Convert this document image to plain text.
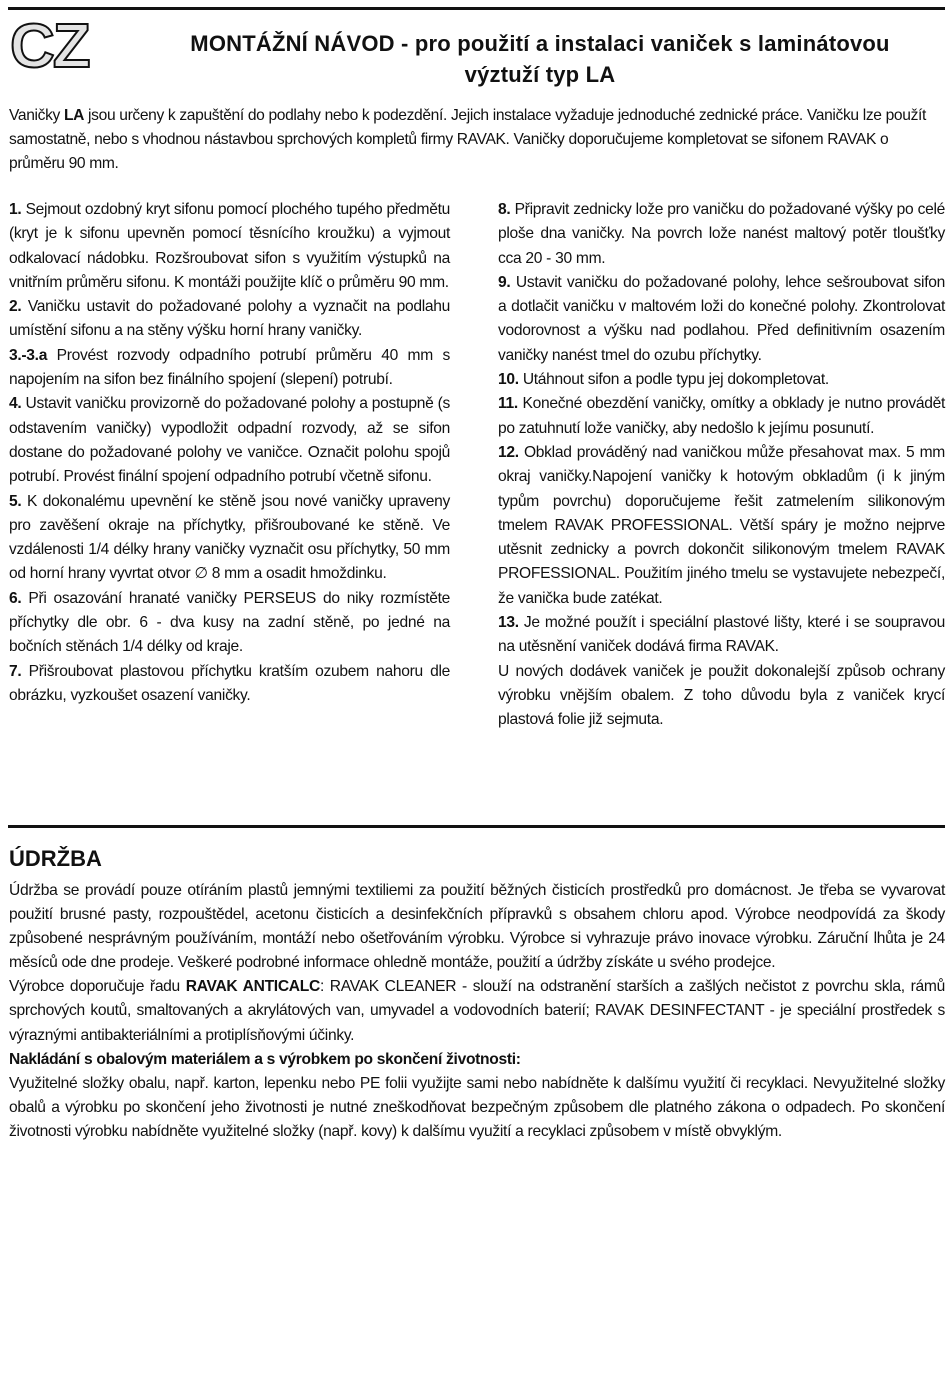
CZ	MONTÁŽNÍ NÁVOD - pro použití a instalaci vaniček s laminátovou
výztuží typ LA
Vaničky LA jsou určeny k zapuštění do podlahy nebo k podezdění. Jejich instalace vyžaduje jednoduché zednické práce. Vaničku lze použít samostatně, nebo s vhodnou nástavbou sprchových kompletů firmy RAVAK. Vaničky doporučujeme kompletovat se sifonem RAVAK o průměru 90 mm.

1. Sejmout ozdobný kryt sifonu pomocí plochého tupého předmětu (kryt je k sifonu upevněn pomocí těsnícího kroužku) a vyjmout odkalovací nádobku. Rozšroubovat sifon s využitím výstupků na vnitřním průměru sifonu. K montáži použijte klíč o průměru 90 mm.

2. Vaničku ustavit do požadované polohy a vyznačit na podlahu umístění sifonu a na stěny výšku horní hrany vaničky.

3.-3.a Provést rozvody odpadního potrubí průměru 40 mm s napojením na sifon bez finálního spojení (slepení) potrubí.

4. Ustavit vaničku provizorně do požadované polohy a postupně (s odstavením vaničky) vypodložit odpadní rozvody, až se sifon dostane do požadované polohy ve vaničce. Označit polohu spojů potrubí. Provést finální spojení odpadního potrubí včetně sifonu.

5. K dokonalému upevnění ke stěně jsou nové vaničky upraveny pro zavěšení okraje na příchytky, přišroubované ke stěně. Ve vzdálenosti 1/4 délky hrany vaničky vyznačit osu příchytky, 50 mm od horní hrany vyvrtat otvor ∅ 8 mm a osadit hmoždinku.

6. Při osazování hranaté vaničky PERSEUS do niky rozmístěte příchytky dle obr. 6 - dva kusy na zadní stěně, po jedné na bočních stěnách 1/4 délky od kraje.

7. Přišroubovat plastovou příchytku kratším ozubem nahoru dle obrázku, vyzkoušet osazení vaničky.

8. Připravit zednicky lože pro vaničku do požadované výšky po celé ploše dna vaničky. Na povrch lože nanést maltový potěr tloušťky cca 20 - 30 mm.

9. Ustavit vaničku do požadované polohy, lehce sešroubovat sifon a dotlačit vaničku v maltovém loži do konečné polohy. Zkontrolovat vodorovnost a výšku nad podlahou. Před definitivním osazením vaničky nanést tmel do ozubu příchytky.

10. Utáhnout sifon a podle typu jej dokompletovat.

11. Konečné obezdění vaničky, omítky a obklady je nutno provádět po zatuhnutí lože vaničky, aby nedošlo k jejímu posunutí.

12. Obklad prováděný nad vaničkou může přesahovat max. 5 mm okraj vaničky.Napojení vaničky k hotovým obkladům (i k jiným typům povrchu) doporučujeme řešit zatmelením silikonovým tmelem RAVAK PROFESSIONAL. Větší spáry je možno nejprve utěsnit zednicky a povrch dokončit silikonovým tmelem RAVAK PROFESSIONAL. Použitím jiného tmelu se vystavujete nebezpečí, že vanička bude zatékat.

13. Je možné použít i speciální plastové lišty, které i se soupravou na utěsnění vaniček dodává firma RAVAK.

U nových dodávek vaniček je použit dokonalejší způsob ochrany výrobku vnějším obalem. Z toho důvodu byla z vaniček krycí plastová folie již sejmuta.

ÚDRŽBA

Údržba se provádí pouze otíráním plastů jemnými textiliemi za použití běžných čisticích prostředků pro domácnost. Je třeba se vyvarovat použití brusné pasty, rozpouštědel, acetonu čisticích a desinfekčních přípravků s obsahem chloru apod. Výrobce neodpovídá za škody způsobené nesprávným používáním, montáží nebo ošetřováním výrobku. Výrobce si vyhrazuje právo inovace výrobku. Záruční lhůta je 24 měsíců ode dne prodeje. Veškeré podrobné informace ohledně montáže, použití a údržby získáte u svého prodejce.

Výrobce doporučuje řadu RAVAK ANTICALC: RAVAK CLEANER - slouží na odstranění starších a zašlých nečistot z povrchu skla, rámů sprchových koutů, smaltovaných a akrylátových van, umyvadel a vodovodních baterií; RAVAK DESINFECTANT - je speciální prostředek s výraznými antibakteriálními a protiplísňovými účinky.

Nakládání s obalovým materiálem a s výrobkem po skončení životnosti:

Využitelné složky obalu, např. karton, lepenku nebo PE folii využijte sami nebo nabídněte k dalšímu využití či recyklaci. Nevyužitelné složky obalů a výrobku po skončení jeho životnosti je nutné zneškodňovat bezpečným způsobem dle platného zákona o odpadech. Po skončení životnosti výrobku nabídněte využitelné složky (např. kovy) k dalšímu využití a recyklaci způsobem v místě obvyklým.
